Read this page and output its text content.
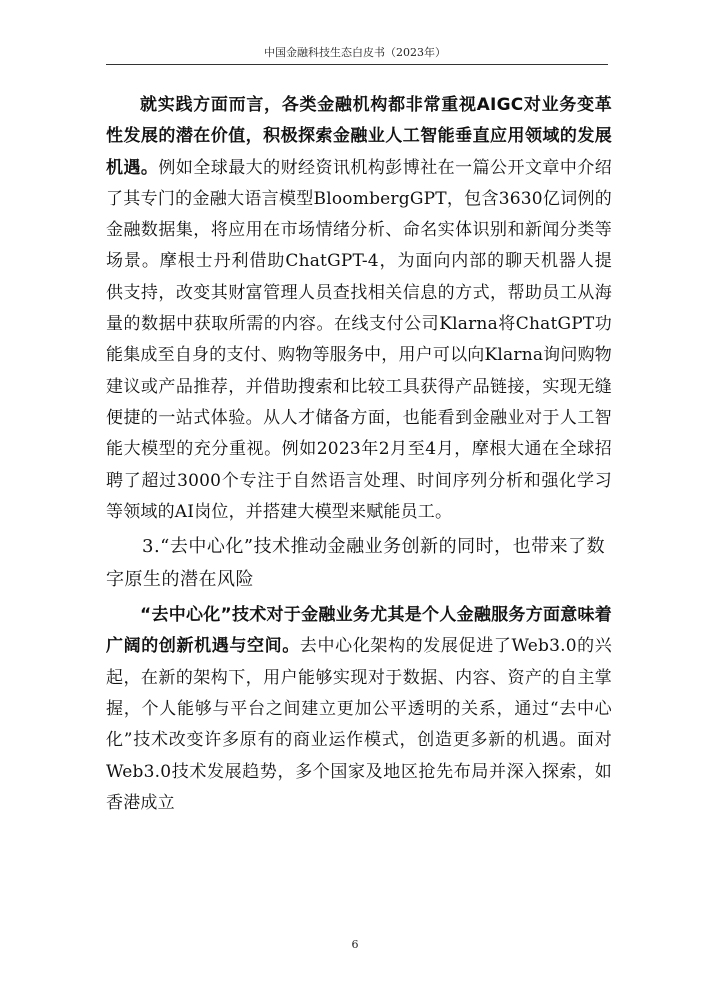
中国金融科技生态白皮书（2023年）

就实践方面而言，各类金融机构都非常重视AIGC对业务变革性发展的潜在价值，积极探索金融业人工智能垂直应用领域的发展机遇。例如全球最大的财经资讯机构彭博社在一篇公开文章中介绍了其专门的金融大语言模型BloombergGPT，包含3630亿词例的金融数据集，将应用在市场情绪分析、命名实体识别和新闻分类等场景。摩根士丹利借助ChatGPT-4，为面向内部的聊天机器人提供支持，改变其财富管理人员查找相关信息的方式，帮助员工从海量的数据中获取所需的内容。在线支付公司Klarna将ChatGPT功能集成至自身的支付、购物等服务中，用户可以向Klarna询问购物建议或产品推荐，并借助搜索和比较工具获得产品链接，实现无缝便捷的一站式体验。从人才储备方面，也能看到金融业对于人工智能大模型的充分重视。例如2023年2月至4月，摩根大通在全球招聘了超过3000个专注于自然语言处理、时间序列分析和强化学习等领域的AI岗位，并搭建大模型来赋能员工。

3.“去中心化”技术推动金融业务创新的同时，也带来了数字原生的潜在风险

“去中心化”技术对于金融业务尤其是个人金融服务方面意味着广阔的创新机遇与空间。去中心化架构的发展促进了Web3.0的兴起，在新的架构下，用户能够实现对于数据、内容、资产的自主掌握，个人能够与平台之间建立更加公平透明的关系，通过“去中心化”技术改变许多原有的商业运作模式，创造更多新的机遇。面对Web3.0技术发展趋势，多个国家及地区抢先布局并深入探索，如香港成立

6
